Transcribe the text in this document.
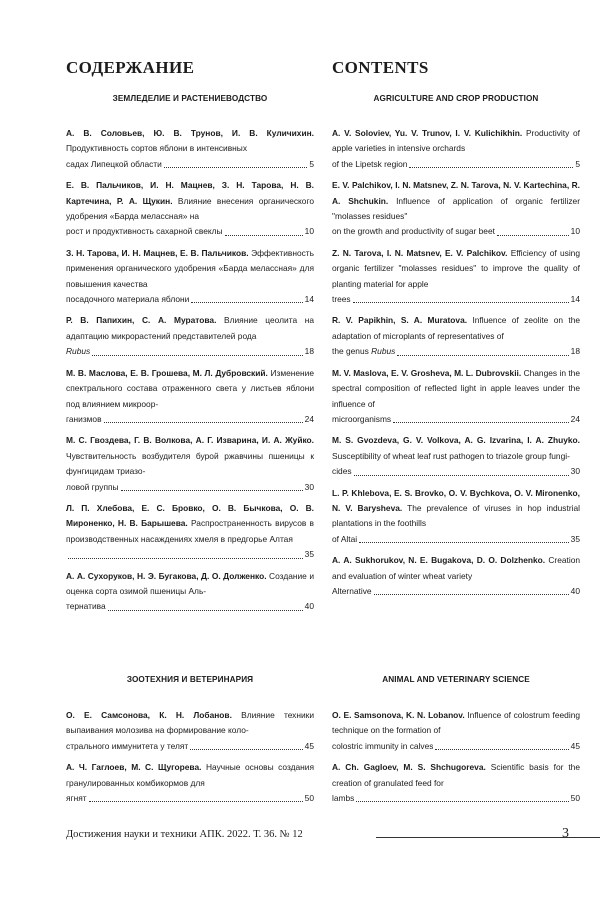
СОДЕРЖАНИЕ
ЗЕМЛЕДЕЛИЕ И РАСТЕНИЕВОДСТВО
А. В. Соловьев, Ю. В. Трунов, И. В. Куличихин. Продуктивность сортов яблони в интенсивных
садах Липецкой области	5
Е. В. Пальчиков, И. Н. Мацнев, З. Н. Тарова, Н. В. Картечина, Р. А. Щукин. Влияние внесения органического удобрения «Барда мелассная» на
рост и продуктивность сахарной свеклы	10
З. Н. Тарова, И. Н. Мацнев, Е. В. Пальчиков. Эффективность применения органического удобрения «Барда мелассная» для повышения качества
посадочного материала яблони	14
Р. В. Папихин, С. А. Муратова. Влияние цеолита на адаптацию микрорастений представителей рода
Rubus	18
М. В. Маслова, Е. В. Грошева, М. Л. Дубровский. Изменение спектрального состава отраженного света у листьев яблони под влиянием микроор-
ганизмов	24
М. С. Гвоздева, Г. В. Волкова, А. Г. Изварина, И. А. Жуйко. Чувствительность возбудителя бурой ржавчины пшеницы к фунгицидам триазо-
ловой группы	30
Л. П. Хлебова, Е. С. Бровко, О. В. Бычкова, О. В. Мироненко, Н. В. Барышева. Распространенность вирусов в производственных насаждениях хмеля в предгорье Алтая
35
А. А. Сухоруков, Н. Э. Бугакова, Д. О. Долженко. Создание и оценка сорта озимой пшеницы Аль-
тернатива	40
ЗООТЕХНИЯ И ВЕТЕРИНАРИЯ
О. Е. Самсонова, К. Н. Лобанов. Влияние техники выпаивания молозива на формирование коло-
стрального иммунитета у телят	45
А. Ч. Гаглоев, М. С. Щугорева. Научные основы создания гранулированных комбикормов для
ягнят	50
CONTENTS
AGRICULTURE AND CROP PRODUCTION
A. V. Soloviev, Yu. V. Trunov, I. V. Kulichikhin. Productivity of apple varieties in intensive orchards
of the Lipetsk region	5
E. V. Palchikov, I. N. Matsnev, Z. N. Tarova, N. V. Kartechina, R. A. Shchukin. Influence of application of organic fertilizer "molasses residues"
on the growth and productivity of sugar beet	10
Z. N. Tarova, I. N. Matsnev, E. V. Palchikov. Efficiency of using organic fertilizer "molasses residues" to improve the quality of planting material for apple
trees	14
R. V. Papikhin, S. A. Muratova. Influence of zeolite on the adaptation of microplants of representatives of
the genus Rubus	18
M. V. Maslova, E. V. Grosheva, M. L. Dubrovskii. Changes in the spectral composition of reflected light in apple leaves under the influence of
microorganisms	24
M. S. Gvozdeva, G. V. Volkova, A. G. Izvarina, I. A. Zhuyko. Susceptibility of wheat leaf rust pathogen to triazole group fungi-
cides	30
L. P. Khlebova, E. S. Brovko, O. V. Bychkova, O. V. Mironenko, N. V. Barysheva. The prevalence of viruses in hop industrial plantations in the foothills
of Altai	35
A. A. Sukhorukov, N. E. Bugakova, D. O. Dolzhenko. Creation and evaluation of winter wheat variety
Alternative	40
ANIMAL AND VETERINARY SCIENCE
O. E. Samsonova, K. N. Lobanov. Influence of colostrum feeding technique on the formation of
colostric immunity in calves	45
A. Ch. Gagloev, M. S. Shchugoreva. Scientific basis for the creation of granulated feed for
lambs	50
Достижения науки и техники АПК. 2022. Т. 36. № 12	3
